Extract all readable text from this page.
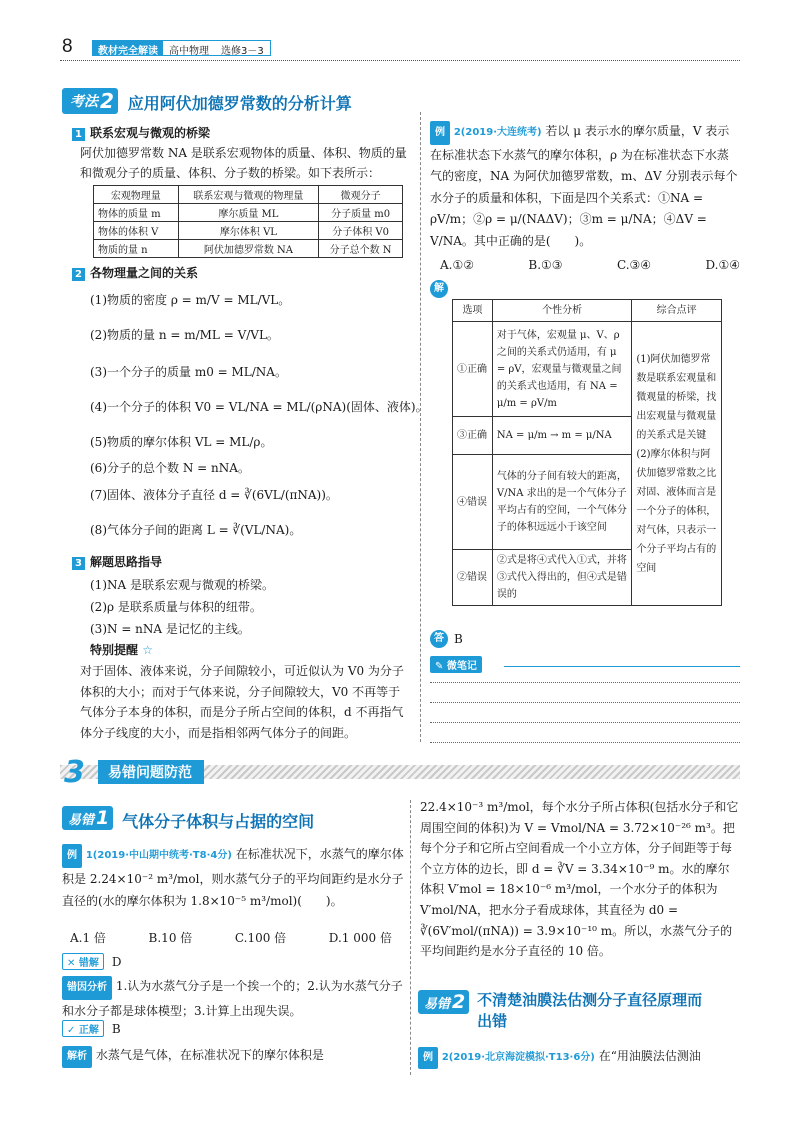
8	教材完全解读	高中物理	选修3－3
考法 2 应用阿伏加德罗常数的分析计算
1 联系宏观与微观的桥梁
阿伏加德罗常数 NA 是联系宏观物体的质量、体积、物质的量和微观分子的质量、体积、分子数的桥梁。如下表所示：
宏观物理量	联系宏观与微观的物理量	微观分子
物体的质量 m	摩尔质量 ML	分子质量 m0
物体的体积 V	摩尔体积 VL	分子体积 V0
物质的量 n	阿伏加德罗常数 NA	分子总个数 N
2 各物理量之间的关系
(1)物质的密度 ρ = m/V = ML/VL。
(2)物质的量 n = m/ML = V/VL。
(3)一个分子的质量 m0 = ML/NA。
(4)一个分子的体积 V0 = VL/NA = ML/(ρNA)(固体、液体)。
(5)物质的摩尔体积 VL = ML/ρ。
(6)分子的总个数 N = nNA。
(7)固体、液体分子直径 d = ∛(6VL/(πNA))。
(8)气体分子间的距离 L = ∛(VL/NA)。
3 解题思路指导
(1)NA 是联系宏观与微观的桥梁。
(2)ρ 是联系质量与体积的纽带。
(3)N = nNA 是记忆的主线。
特别提醒 ☆
对于固体、液体来说，分子间隙较小，可近似认为 V0 为分子体积的大小；而对于气体来说，分子间隙较大，V0 不再等于气体分子本身的体积，而是分子所占空间的体积，d 不再指气体分子线度的大小，而是指相邻两气体分子的间距。
例 2(2019·大连统考) 若以 μ 表示水的摩尔质量，V 表示在标准状态下水蒸气的摩尔体积，ρ 为在标准状态下水蒸气的密度，NA 为阿伏加德罗常数，m、ΔV 分别表示每个水分子的质量和体积，下面是四个关系式：①NA = ρV/m；②ρ = μ/(NAΔV)；③m = μ/NA；④ΔV = V/NA。其中正确的是(　　)。
A.①②	B.①③	C.③④	D.①④
解
选项	个性分析	综合点评
①正确	对于气体，宏观量 μ、V、ρ 之间的关系式仍适用，有 μ = ρV，宏观量与微观量之间的关系式也适用，有 NA = μ/m = ρV/m	(1)阿伏加德罗常数是联系宏观量和微观量的桥梁，找出宏观量与微观量的关系式是关键(2)摩尔体积与阿伏加德罗常数之比对固、液体而言是一个分子的体积，对气体，只表示一个分子平均占有的空间
③正确	NA = μ/m → m = μ/NA	
④错误	气体的分子间有较大的距离，V/NA 求出的是一个气体分子平均占有的空间，一个气体分子的体积远远小于该空间	
②错误	②式是将④式代入①式，并将③式代入得出的，但④式是错误的	
答 B
✎ 微笔记
3	易错问题防范
易错 1 气体分子体积与占据的空间
例 1(2019·中山期中统考·T8·4分) 在标准状况下，水蒸气的摩尔体积是 2.24×10⁻² m³/mol，则水蒸气分子的平均间距约是水分子直径的(水的摩尔体积为 1.8×10⁻⁵ m³/mol)(　　)。
A.1 倍	B.10 倍	C.100 倍	D.1 000 倍
✕ 错解	D
错因分析 1.认为水蒸气分子是一个挨一个的；2.认为水蒸气分子和水分子都是球体模型；3.计算上出现失误。
✓ 正解	B
解析 水蒸气是气体，在标准状况下的摩尔体积是
22.4×10⁻³ m³/mol，每个水分子所占体积(包括水分子和它周围空间的体积)为 V = Vmol/NA = 3.72×10⁻²⁶ m³。把每个分子和它所占空间看成一个小立方体，分子间距等于每个立方体的边长，即 d = ∛V = 3.34×10⁻⁹ m。水的摩尔体积 V′mol = 18×10⁻⁶ m³/mol，一个水分子的体积为 V′mol/NA，把水分子看成球体，其直径为 d0 = ∛(6V′mol/(πNA)) = 3.9×10⁻¹⁰ m。所以，水蒸气分子的平均间距约是水分子直径的 10 倍。
易错 2 不清楚油膜法估测分子直径原理而出错
例 2(2019·北京海淀模拟·T13·6分) 在“用油膜法估测油
